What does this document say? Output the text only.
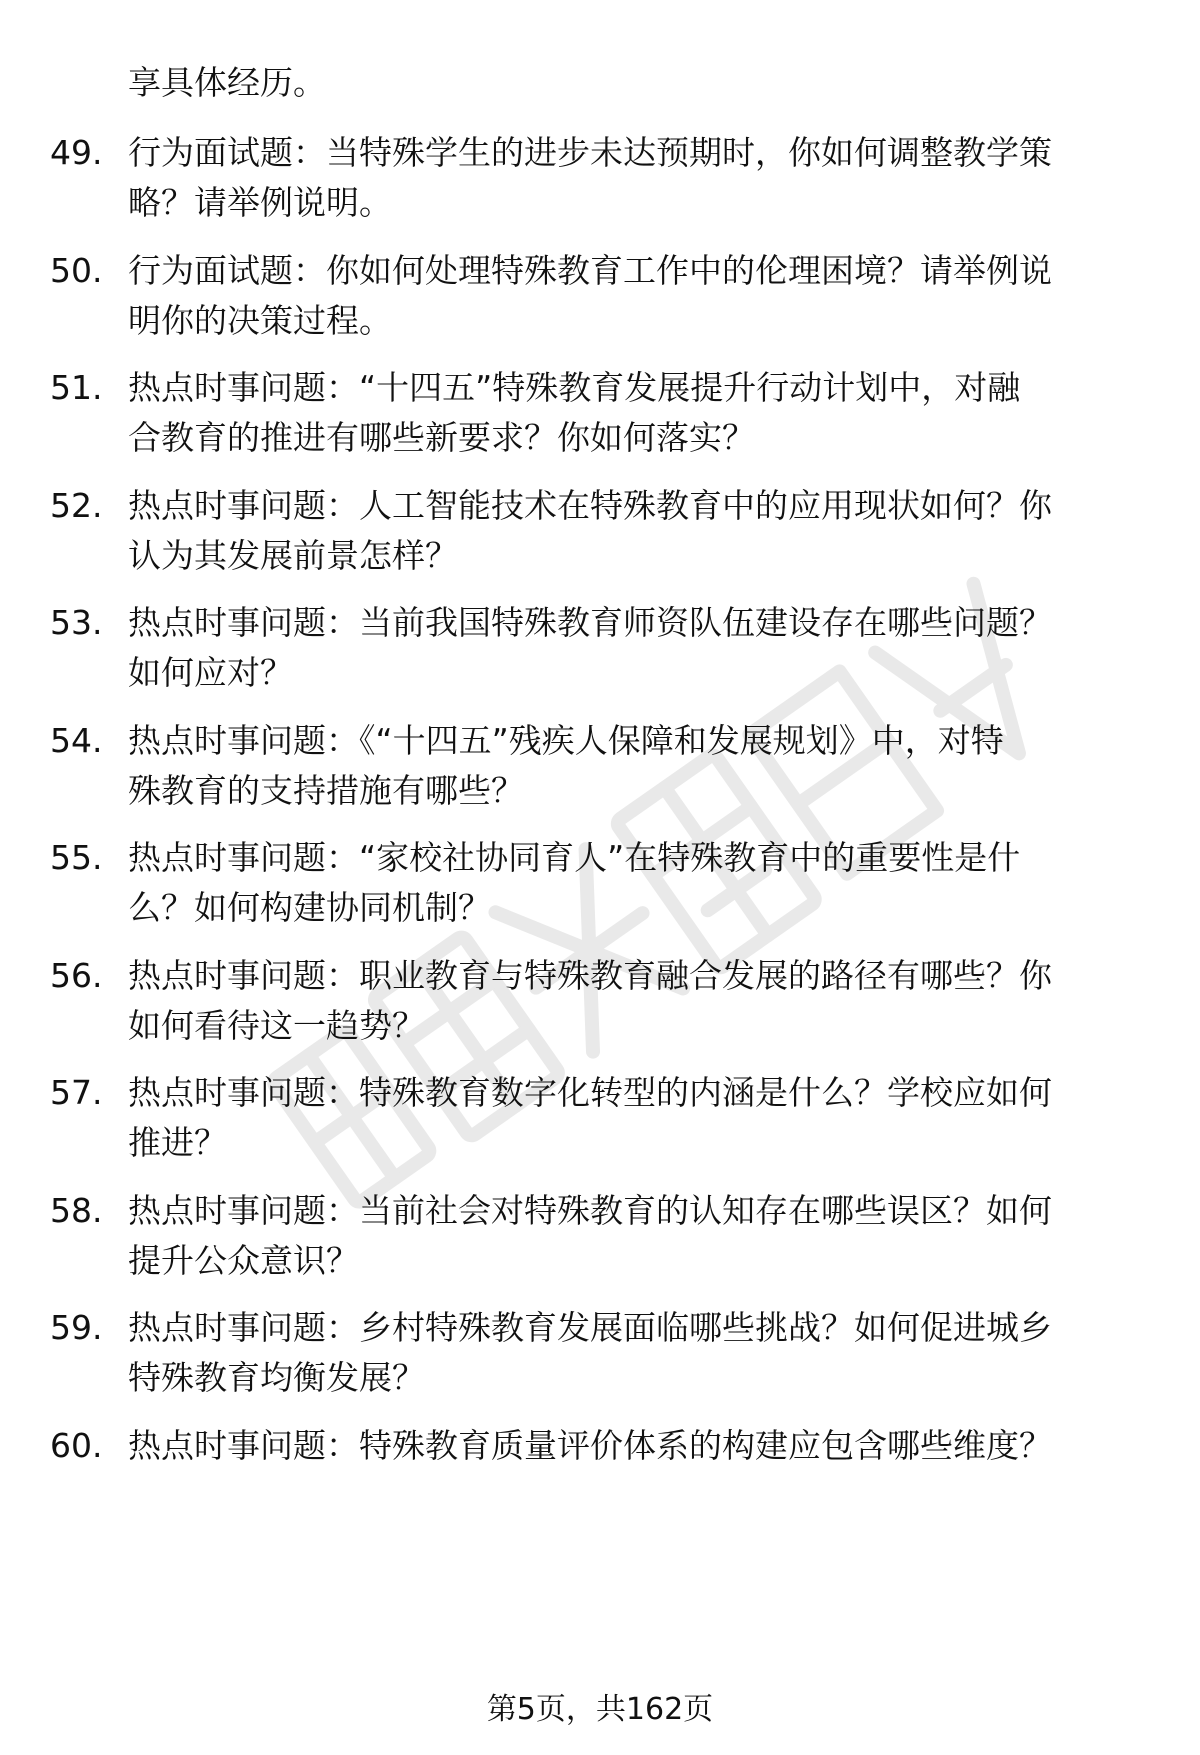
享具体经历。
49. 行为面试题：当特殊学生的进步未达预期时，你如何调整教学策
略？请举例说明。
50. 行为面试题：你如何处理特殊教育工作中的伦理困境？请举例说
明你的决策过程。
51. 热点时事问题：“十四五”特殊教育发展提升行动计划中，对融
合教育的推进有哪些新要求？你如何落实？
52. 热点时事问题：人工智能技术在特殊教育中的应用现状如何？你
认为其发展前景怎样？
53. 热点时事问题：当前我国特殊教育师资队伍建设存在哪些问题？
如何应对？
54. 热点时事问题：《“十四五”残疾人保障和发展规划》中，对特
殊教育的支持措施有哪些？
55. 热点时事问题：“家校社协同育人”在特殊教育中的重要性是什
么？如何构建协同机制？
56. 热点时事问题：职业教育与特殊教育融合发展的路径有哪些？你
如何看待这一趋势？
57. 热点时事问题：特殊教育数字化转型的内涵是什么？学校应如何
推进？
58. 热点时事问题：当前社会对特殊教育的认知存在哪些误区？如何
提升公众意识？
59. 热点时事问题：乡村特殊教育发展面临哪些挑战？如何促进城乡
特殊教育均衡发展？
60. 热点时事问题：特殊教育质量评价体系的构建应包含哪些维度？
第5页，共162页
